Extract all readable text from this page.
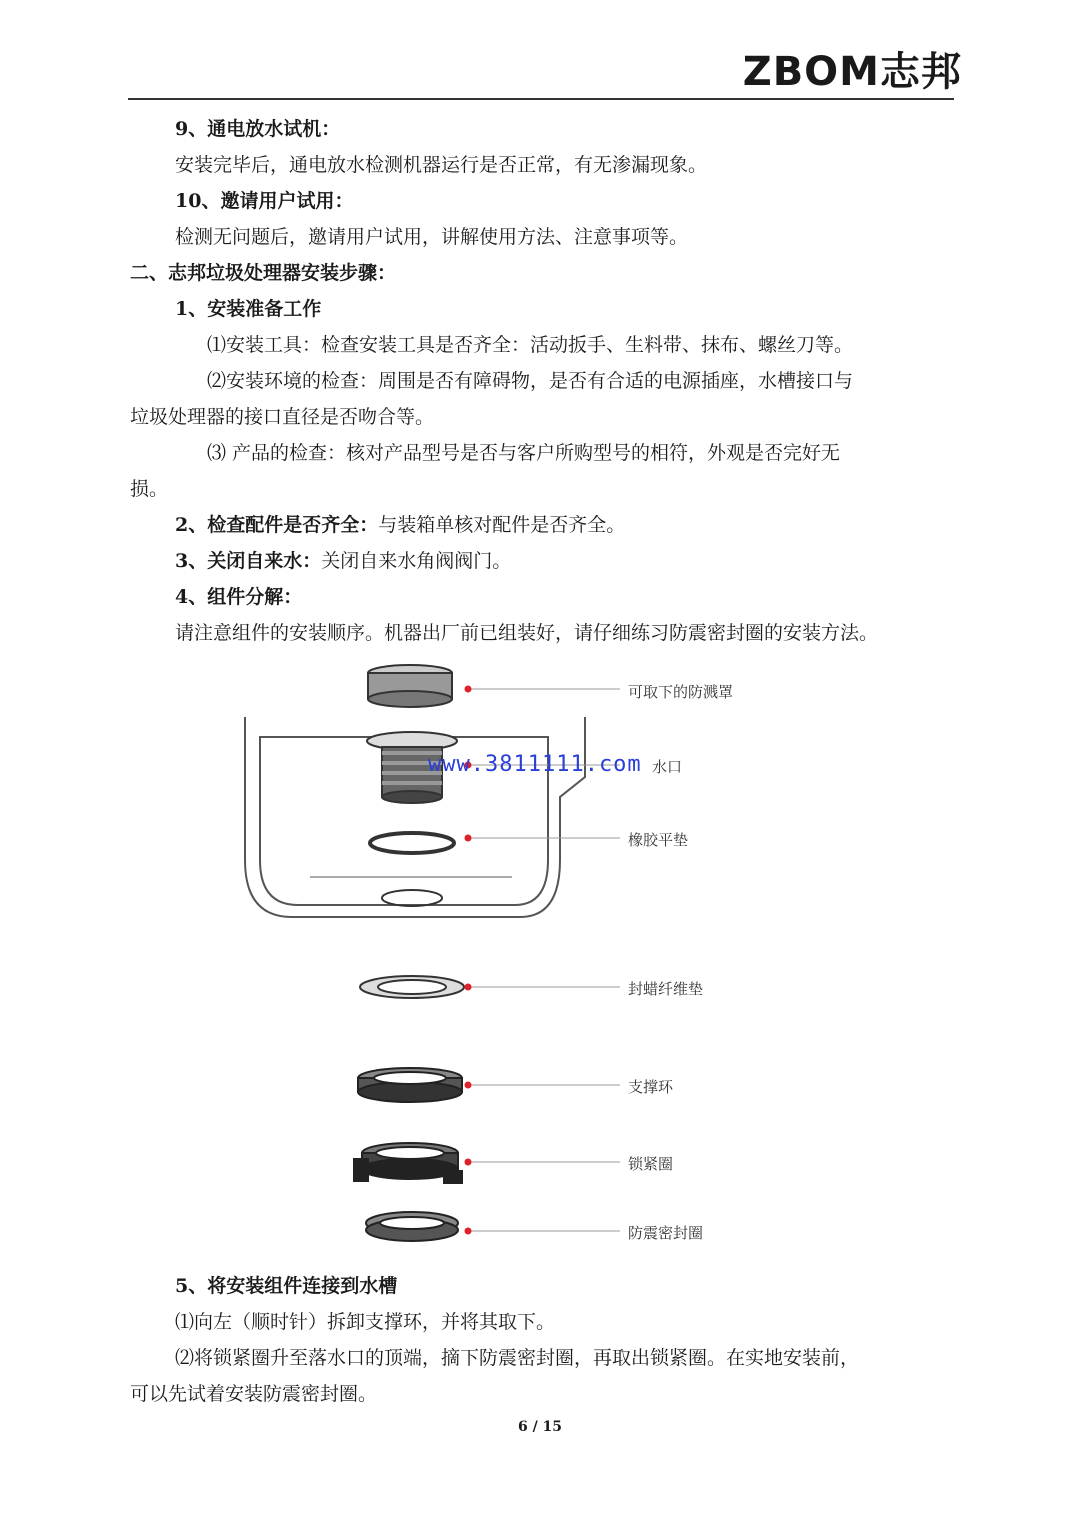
ZBOM志邦
9、通电放水试机：
安装完毕后，通电放水检测机器运行是否正常，有无渗漏现象。
10、邀请用户试用：
检测无问题后，邀请用户试用，讲解使用方法、注意事项等。
二、志邦垃圾处理器安装步骤：
1、安装准备工作
⑴安装工具：检查安装工具是否齐全：活动扳手、生料带、抹布、螺丝刀等。
⑵安装环境的检查：周围是否有障碍物，是否有合适的电源插座，水槽接口与
垃圾处理器的接口直径是否吻合等。
⑶ 产品的检查：核对产品型号是否与客户所购型号的相符，外观是否完好无
损。
2、检查配件是否齐全：与装箱单核对配件是否齐全。
3、关闭自来水：关闭自来水角阀阀门。
4、组件分解：
请注意组件的安装顺序。机器出厂前已组装好，请仔细练习防震密封圈的安装方法。
可取下的防溅罩
水口
橡胶平垫
封蜡纤维垫
支撑环
锁紧圈
防震密封圈
www.3811111.com
5、将安装组件连接到水槽
⑴向左（顺时针）拆卸支撑环，并将其取下。
⑵将锁紧圈升至落水口的顶端，摘下防震密封圈，再取出锁紧圈。在实地安装前，
可以先试着安装防震密封圈。
6 / 15
